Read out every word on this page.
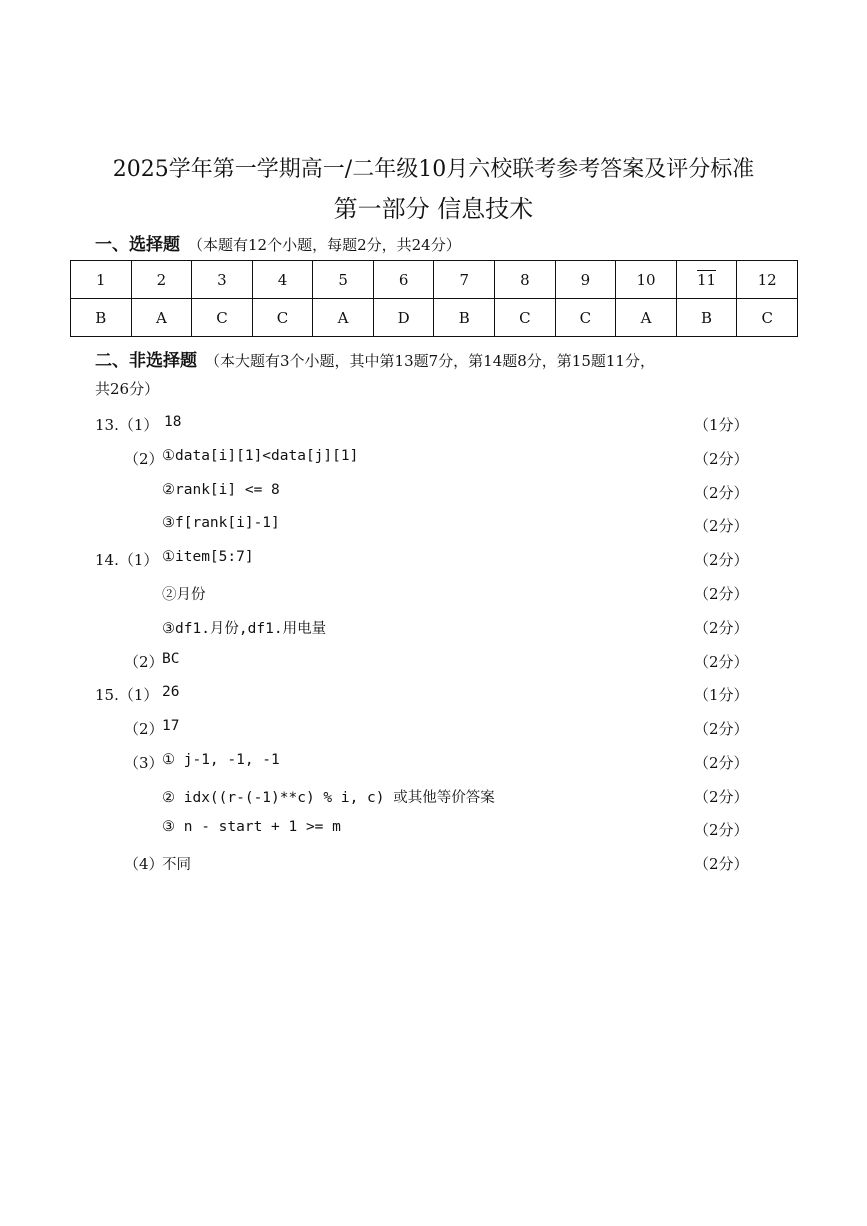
2025学年第一学期高一/二年级10月六校联考参考答案及评分标准
第一部分 信息技术
一、选择题 （本题有12个小题，每题2分，共24分）
1	2	3	4	5	6	7	8	9	10	11	12
B	A	C	C	A	D	B	C	C	A	B	C
二、非选择题 （本大题有3个小题，其中第13题7分，第14题8分，第15题11分，
共26分）
13.（1） 18	（1分）
（2）
①data[i][1]<data[j][1]	（2分）
②rank[i] <= 8	（2分）
③f[rank[i]-1]	（2分）
14.（1） ①item[5:7]	（2分）
②月份	（2分）
③df1.月份,df1.用电量	（2分）
（2）
BC	（2分）
15.（1） 26	（1分）
（2）
17	（2分）
（3）
① j-1, -1, -1	（2分）
② idx((r-(-1)**c) % i, c) 或其他等价答案	（2分）
③ n - start + 1 >= m	（2分）
（4）
不同	（2分）
